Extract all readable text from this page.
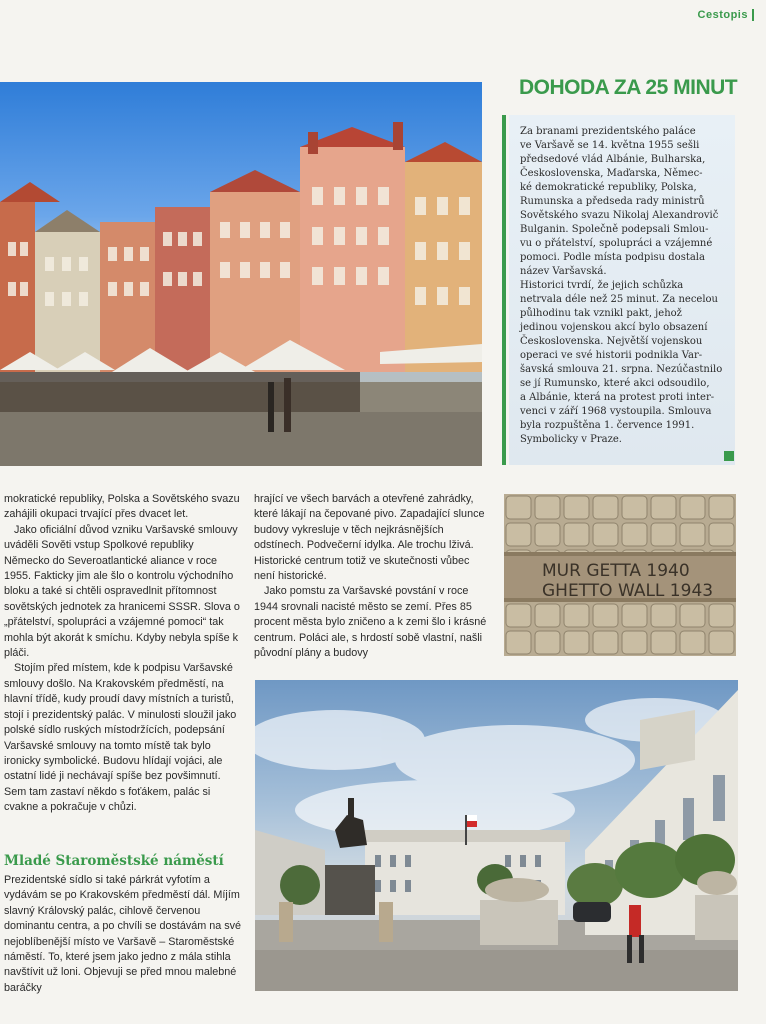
Cestopis
DOHODA ZA 25 MINUT
Za branami prezidentského paláce
ve Varšavě se 14. května 1955 sešli
předsedové vlád Albánie, Bulharska,
Československa, Maďarska, Němec-
ké demokratické republiky, Polska,
Rumunska a předseda rady ministrů
Sovětského svazu Nikolaj Alexandrovič
Bulganin. Společně podepsali Smlou-
vu o přátelství, spolupráci a vzájemné
pomoci. Podle místa podpisu dostala
název Varšavská.
Historici tvrdí, že jejich schůzka
netrvala déle než 25 minut. Za necelou
půlhodinu tak vznikl pakt, jehož
jedinou vojenskou akcí bylo obsazení
Československa. Největší vojenskou
operaci ve své historii podnikla Var-
šavská smlouva 21. srpna. Nezúčastnilo
se jí Rumunsko, které akci odsoudilo,
a Albánie, která na protest proti inter-
venci v září 1968 vystoupila. Smlouva
byla rozpuštěna 1. července 1991.
Symbolicky v Praze.

mokratické republiky, Polska a Sovětského svazu zahájili okupaci trvající přes dvacet let.

Jako oficiální důvod vzniku Varšavské smlouvy uváděli Sověti vstup Spolkové republiky Německo do Severoatlantické aliance v roce 1955. Fakticky jim ale šlo o kontrolu východního bloku a také si chtěli ospravedlnit přítomnost sovětských jednotek za hranicemi SSSR. Slova o „přátelství, spolupráci a vzájemné pomoci“ tak mohla být akorát k smíchu. Kdyby nebyla spíše k pláči.

Stojím před místem, kde k podpisu Varšavské smlouvy došlo. Na Krakovském předměstí, na hlavní třídě, kudy proudí davy místních a turistů, stojí i prezidentský palác. V minulosti sloužil jako polské sídlo ruských místodržících, podepsání Varšavské smlouvy na tomto místě tak bylo ironicky symbolické. Budovu hlídají vojáci, ale ostatní lidé ji nechávají spíše bez povšimnutí. Sem tam zastaví někdo s foťákem, palác si cvakne a pokračuje v chůzi.

Mladé Staroměstské náměstí

Prezidentské sídlo si také párkrát vyfotím a vydávám se po Krakovském předměstí dál. Míjím slavný Královský palác, cihlově červenou dominantu centra, a po chvíli se dostávám na své nejoblíbenější místo ve Varšavě – Staroměstské náměstí. To, které jsem jako jedno z mála stihla navštívit už loni. Objevuji se před mnou malebné baráčky

hrající ve všech barvách a otevřené zahrádky, které lákají na čepované pivo. Zapadající slunce budovy vykresluje v těch nejkrásnějších odstínech. Podvečerní idylka. Ale trochu lživá. Historické centrum totiž ve skutečnosti vůbec není historické.

Jako pomstu za Varšavské povstání v roce 1944 srovnali nacisté město se zemí. Přes 85 procent města bylo zničeno a k zemi šlo i krásné centrum. Poláci ale, s hrdostí sobě vlastní, našli původní plány a budovy

MUR GETTA 1940
GHETTO WALL 1943
